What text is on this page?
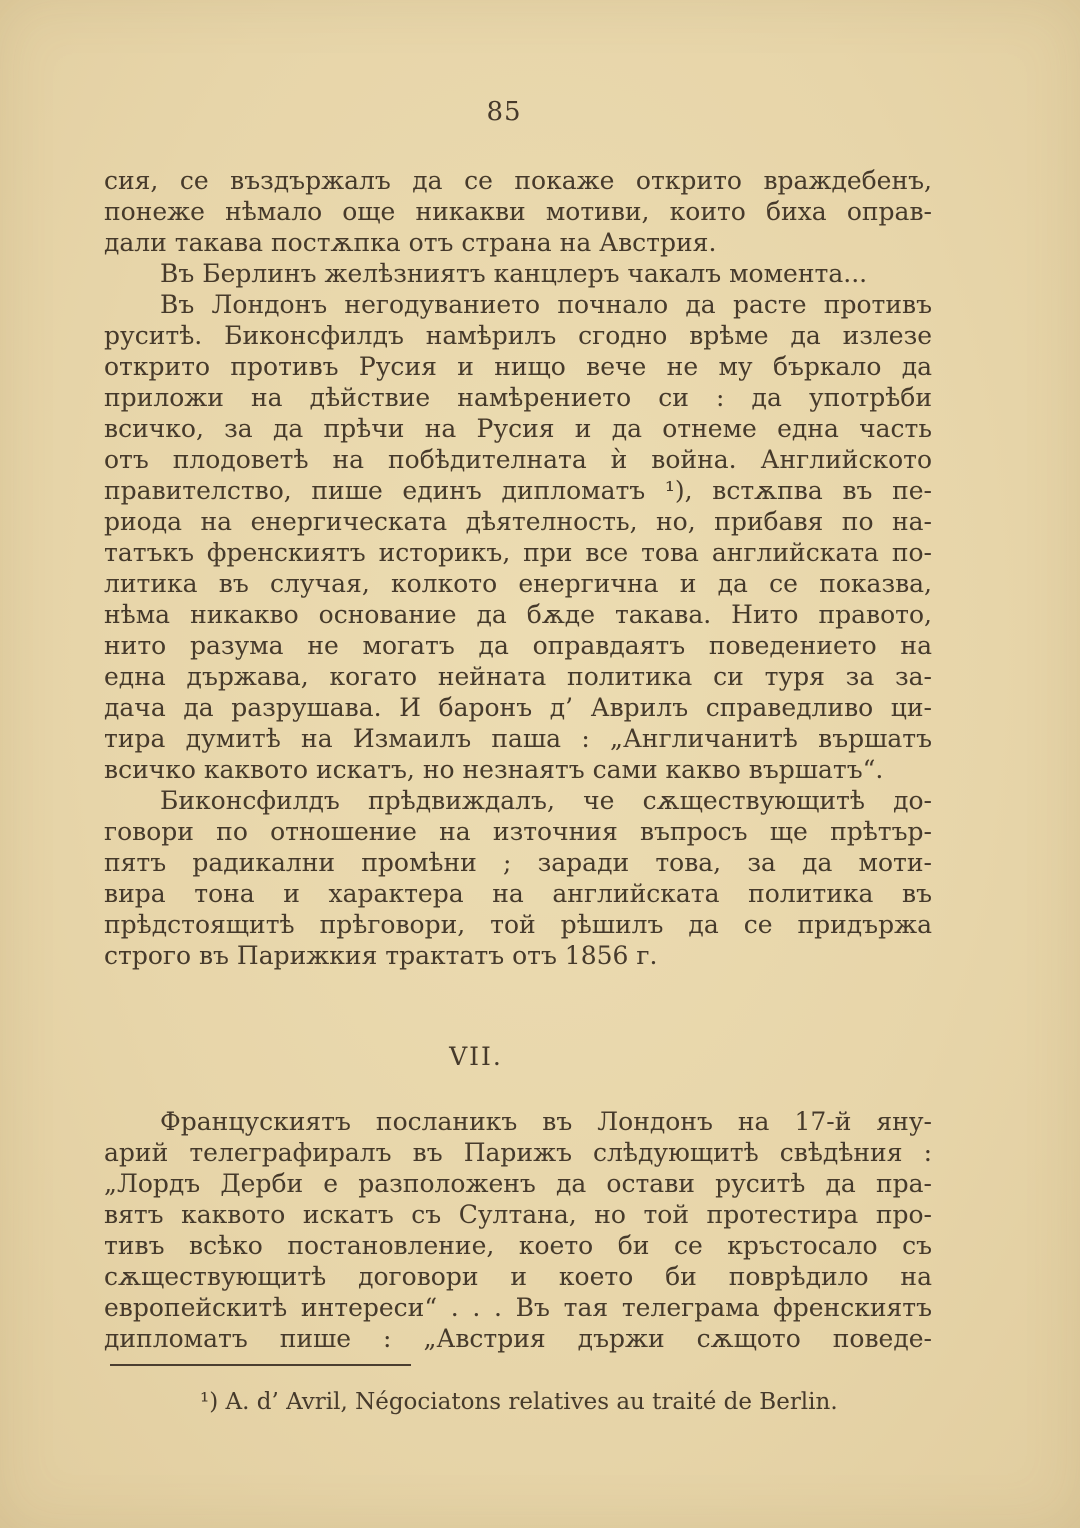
85
сия, се въздържалъ да се покаже открито враждебенъ,
понеже нѣмало още никакви мотиви, които биха оправ-
дали такава постѫпка отъ страна на Австрия.
Въ Берлинъ желѣзниятъ канцлеръ чакалъ момента...
Въ Лондонъ негодуванието почнало да расте противъ
руситѣ. Биконсфилдъ намѣрилъ сгодно врѣме да излезе
открито противъ Русия и нищо вече не му бъркало да
приложи на дѣйствие намѣрението си : да употрѣби
всичко, за да прѣчи на Русия и да отнеме една часть
отъ плодоветѣ на побѣдителната ѝ война. Английското
правителство, пише единъ дипломатъ ¹), встѫпва въ пе-
риода на енергическата дѣятелность, но, прибавя по на-
татъкъ френскиятъ историкъ, при все това английската по-
литика въ случая, колкото енергична и да се показва,
нѣма никакво основание да бѫде такава. Нито правото,
нито разума не могатъ да оправдаятъ поведението на
една държава, когато нейната политика си туря за за-
дача да разрушава. И баронъ д’ Аврилъ справедливо ци-
тира думитѣ на Измаилъ паша : „Англичанитѣ вършатъ
всичко каквото искатъ, но незнаятъ сами какво вършатъ“.
Биконсфилдъ прѣдвиждалъ, че сѫществующитѣ до-
говори по отношение на източния въпросъ ще прѣтър-
пятъ радикални промѣни ; заради това, за да моти-
вира тона и характера на английската политика въ
прѣдстоящитѣ прѣговори, той рѣшилъ да се придържа
строго въ Парижкия трактатъ отъ 1856 г.
VII.
Францускиятъ посланикъ въ Лондонъ на 17-й яну-
арий телеграфиралъ въ Парижъ слѣдующитѣ свѣдѣния :
„Лордъ Дерби е разположенъ да остави руситѣ да пра-
вятъ каквото искатъ съ Султана, но той протестира про-
тивъ всѣко постановление, което би се кръстосало съ
сѫществующитѣ договори и което би поврѣдило на
европейскитѣ интереси“ . . . Въ тая телеграма френскиятъ
дипломатъ пише : „Австрия държи сѫщото поведе-
¹) A. d’ Avril, Négociatons relatives au traité de Berlin.
